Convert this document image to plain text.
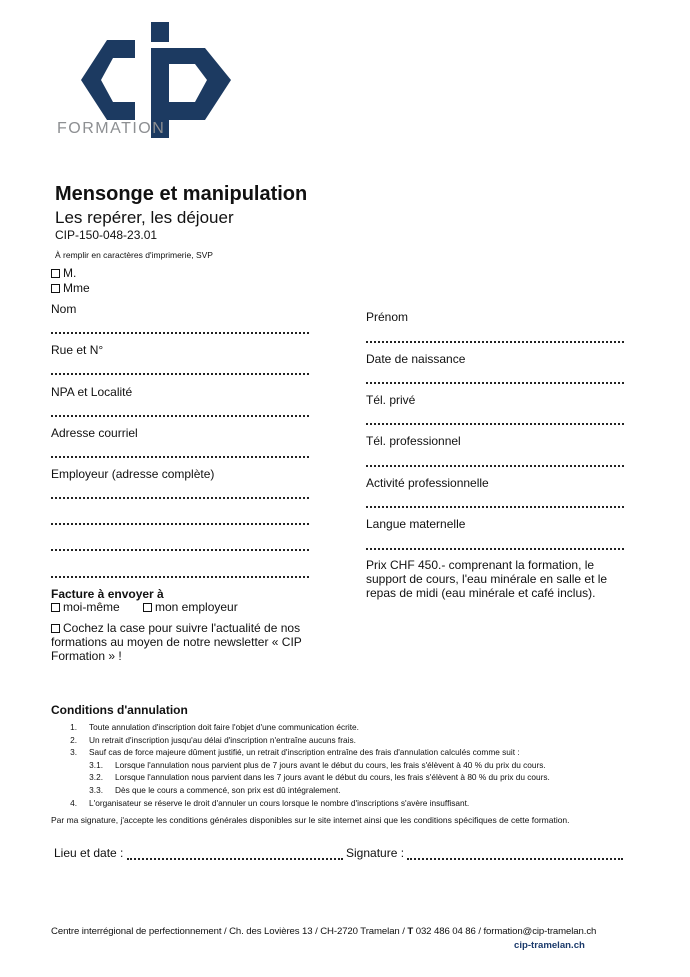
FORMATION
Mensonge et manipulation
Les repérer, les déjouer
CIP-150-048-23.01
À remplir en caractères d'imprimerie, SVP
M.
Mme
Nom
Rue et N°
NPA et Localité
Adresse courriel
Employeur (adresse complète)
Prénom
Date de naissance
Tél. privé
Tél. professionnel
Activité professionnelle
Langue maternelle
Prix CHF 450.- comprenant la formation, le support de cours, l'eau minérale en salle et le repas de midi (eau minérale et café inclus).
Facture à envoyer à
moi-même	mon employeur
Cochez la case pour suivre l'actualité de nos formations au moyen de notre newsletter « CIP Formation » !
Conditions d'annulation
1.	Toute annulation d'inscription doit faire l'objet d'une communication écrite.
2.	Un retrait d'inscription jusqu'au délai d'inscription n'entraîne aucuns frais.
3.	Sauf cas de force majeure dûment justifié, un retrait d'inscription entraîne des frais d'annulation calculés comme suit :
3.1.	Lorsque l'annulation nous parvient plus de 7 jours avant le début du cours, les frais s'élèvent à 40 % du prix du cours.
3.2.	Lorsque l'annulation nous parvient dans les 7 jours avant le début du cours, les frais s'élèvent à 80 % du prix du cours.
3.3.	Dès que le cours a commencé, son prix est dû intégralement.
4.	L'organisateur se réserve le droit d'annuler un cours lorsque le nombre d'inscriptions s'avère insuffisant.
Par ma signature, j'accepte les conditions générales disponibles sur le site internet ainsi que les conditions spécifiques de cette formation.
Lieu et date :	Signature :
Centre interrégional de perfectionnement / Ch. des Lovières 13 / CH-2720 Tramelan / T 032 486 04 86 / formation@cip-tramelan.ch
cip-tramelan.ch
